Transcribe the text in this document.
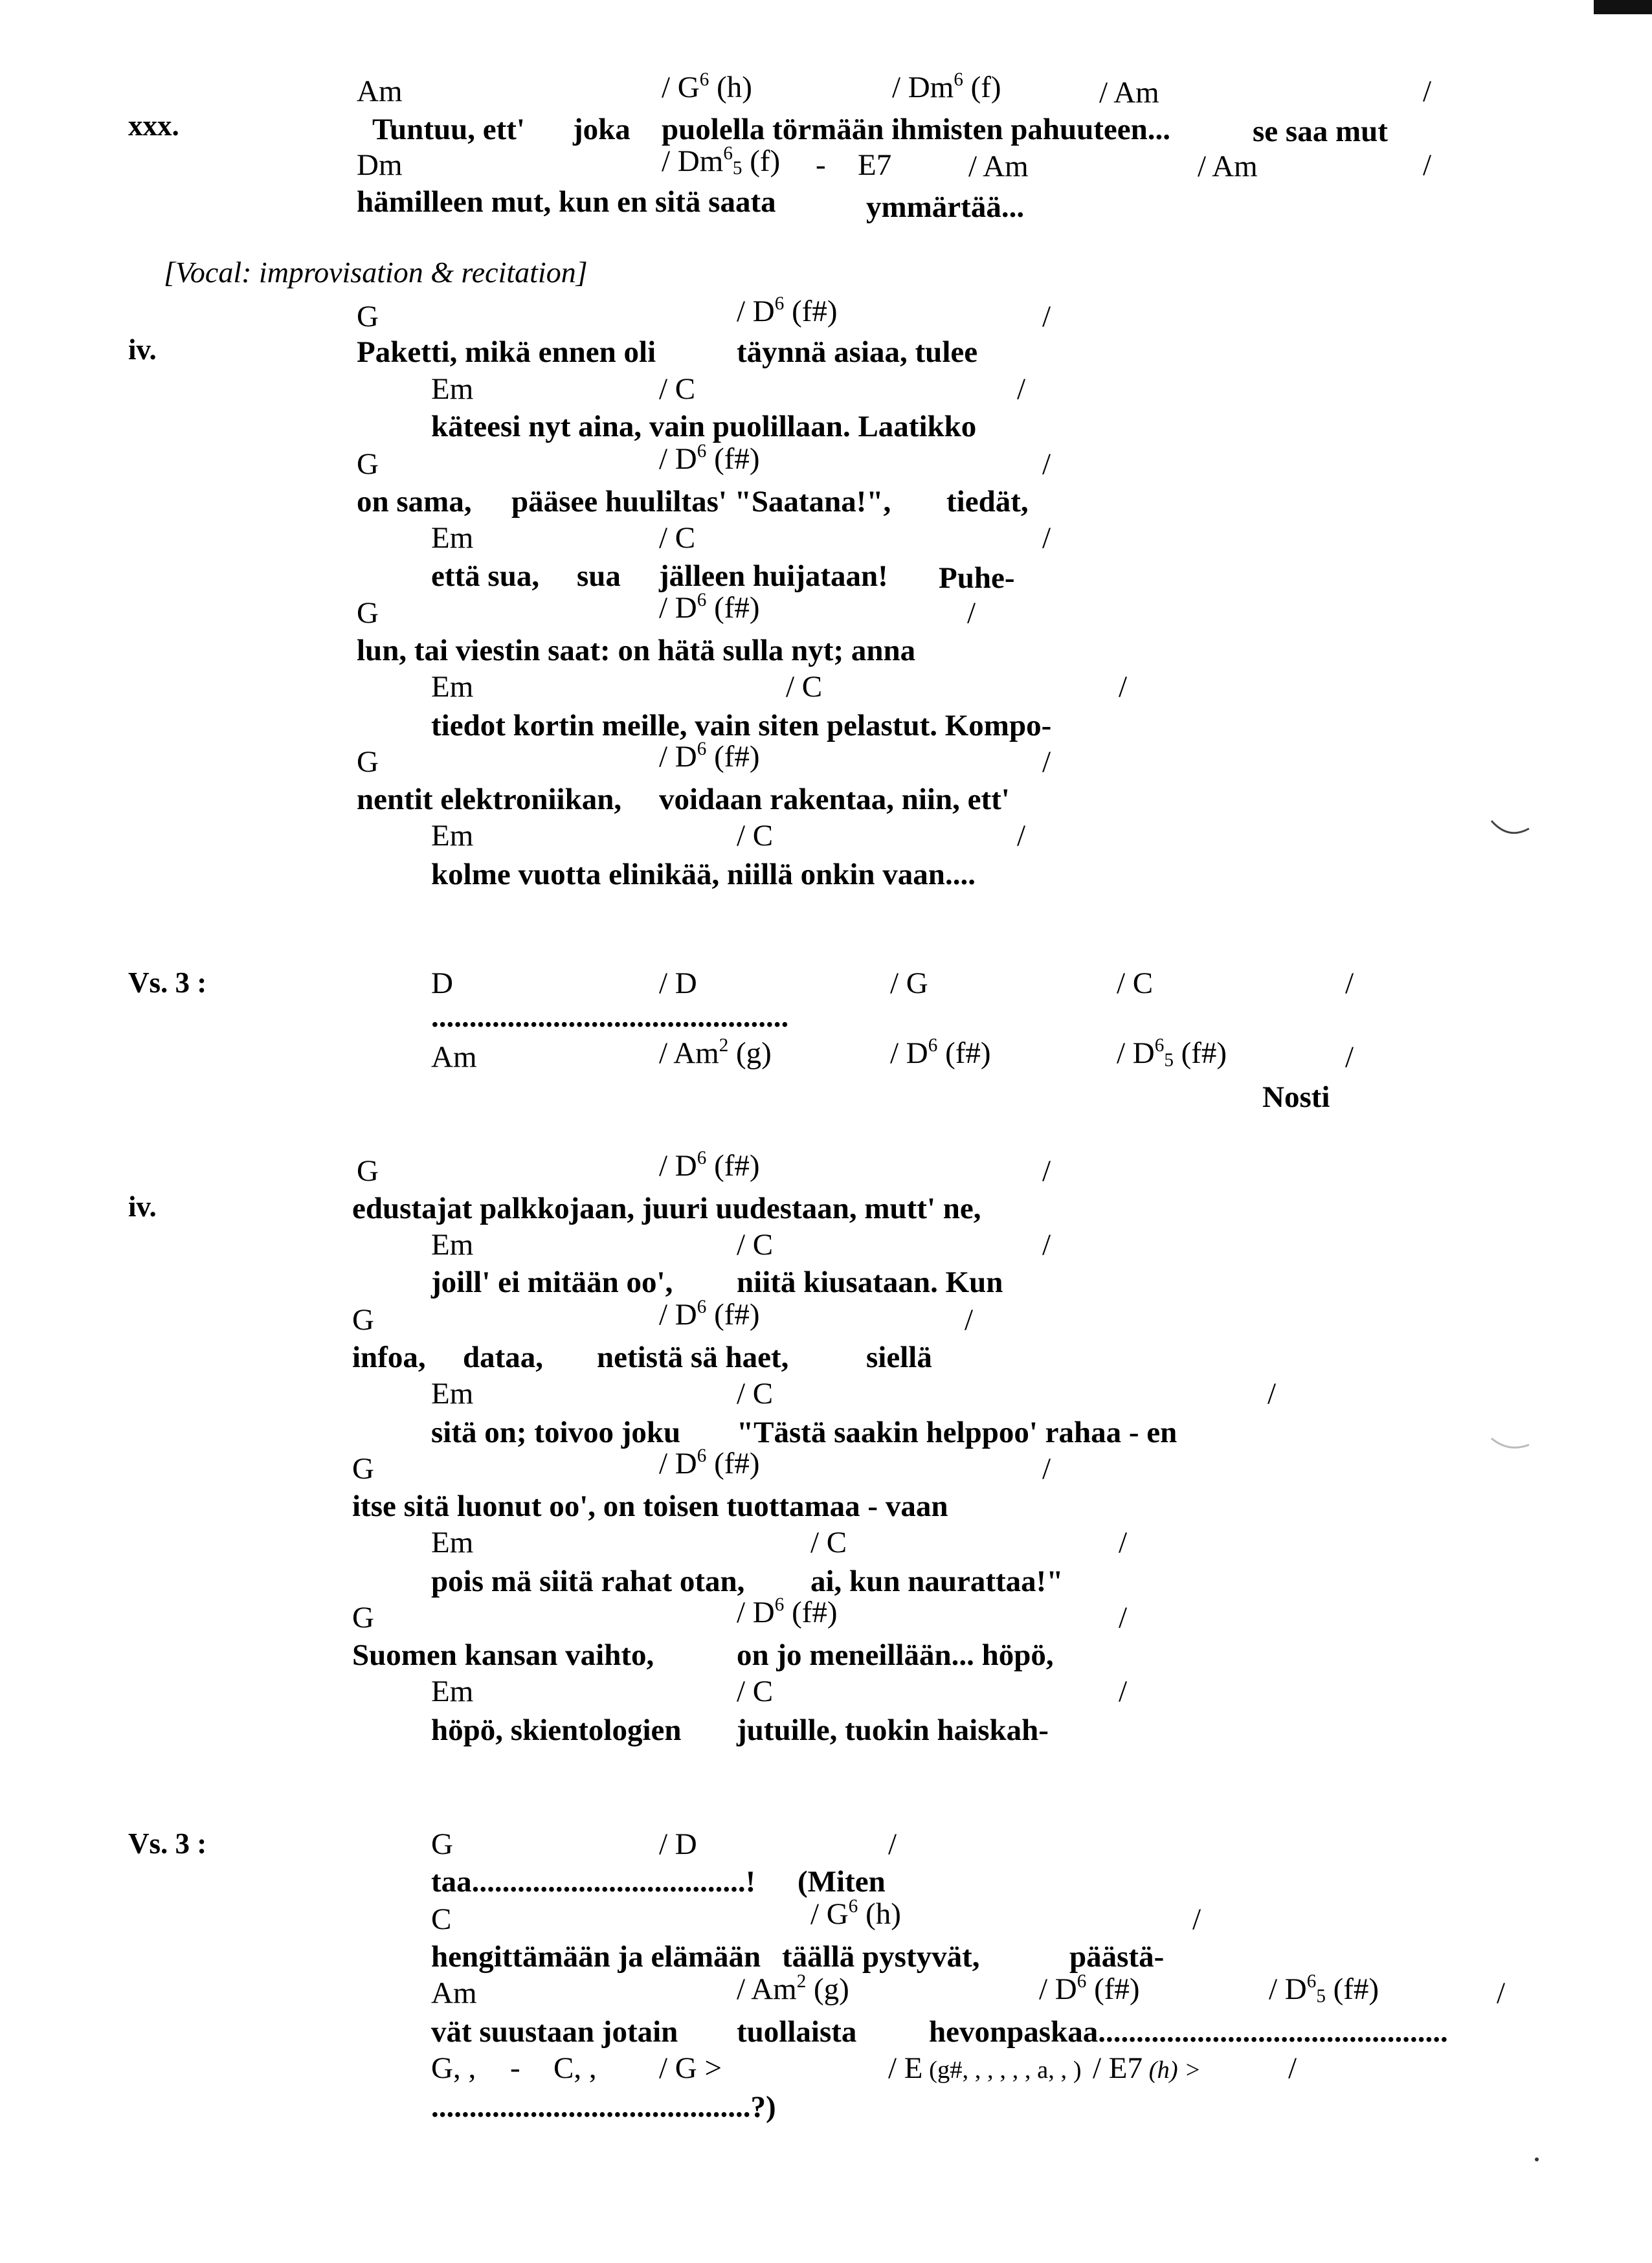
xxx.
Am	/ $G^6$ (h)	/ Dm$^6$ (f)	/ Am	/
Tuntuu, ett' joka puolella törmään ihmisten pahuuteen...	se saa mut
Dm	/ $Dm^6_5$ (f) - E7	/ Am	/ Am	/
hämilleen mut, kun en sitä saata	ymmärtää...
[Vocal: improvisation & recitation]
iv.
G	/ $D^6$ (f#)	/
Paketti, mikä ennen oli	täynnä asiaa, tulee
Em	/ C	/
käteesi nyt aina, vain puolillaan. Laatikko
G	/ $D^6$ (f#)	/
on sama, pääsee huuliltas' "Saatana!", tiedät,
Em	/ C	/
että sua, sua jälleen huijataan! Puhe-
G	/ $D^6$ (f#)	/
lun, tai viestin saat: on hätä sulla nyt; anna
Em	/ C	/
tiedot kortin meille, vain siten pelastut. Kompo-
G	/ $D^6$ (f#)	/
nentit elektroniikan, voidaan rakentaa, niin, ett'
Em	/ C	/
kolme vuotta elinikää, niillä onkin vaan....
Vs. 3 :	D	/ D	/ G	/ C	/
...............................................
Am	/ Am$^2$ (g)	/ $D^6$ (f#)	/ $D^6_5$ (f#)	/
Nosti
iv.
G	/ $D^6$ (f#)	/
edustajat palkkojaan, juuri uudestaan, mutt' ne,
Em	/ C	/
joill' ei mitään oo', niitä kiusataan. Kun
G	/ $D^6$ (f#)	/
infoa, dataa, netistä sä haet,	siellä
Em	/ C	/
sitä on; toivoo joku "Tästä saakin helppoo' rahaa - en
G	/ $D^6$ (f#)	/
itse sitä luonut oo', on toisen tuottamaa - vaan
Em	/ C	/
pois mä siitä rahat otan, ai, kun naurattaa!"
G	/ $D^6$ (f#)	/
Suomen kansan vaihto,	on jo meneillään... höpö,
Em	/ C	/
höpö, skientologien jutuille, tuokin haiskah-
Vs. 3 :	G	/ D	/
taa....................................! (Miten
C	/ $G^6$ (h)	/
hengittämään ja elämään täällä pystyvät,	päästä-
Am	/ Am$^2$ (g)	/ $D^6$ (f#)	/ $D^6_5$ (f#)	/
vät suustaan jotain tuollaista hevonpaskaa..............................................
G, , - C, , / G >	/ E (g#, , , , , , a, , ) / E7 (h) >	/
..........................................?)
